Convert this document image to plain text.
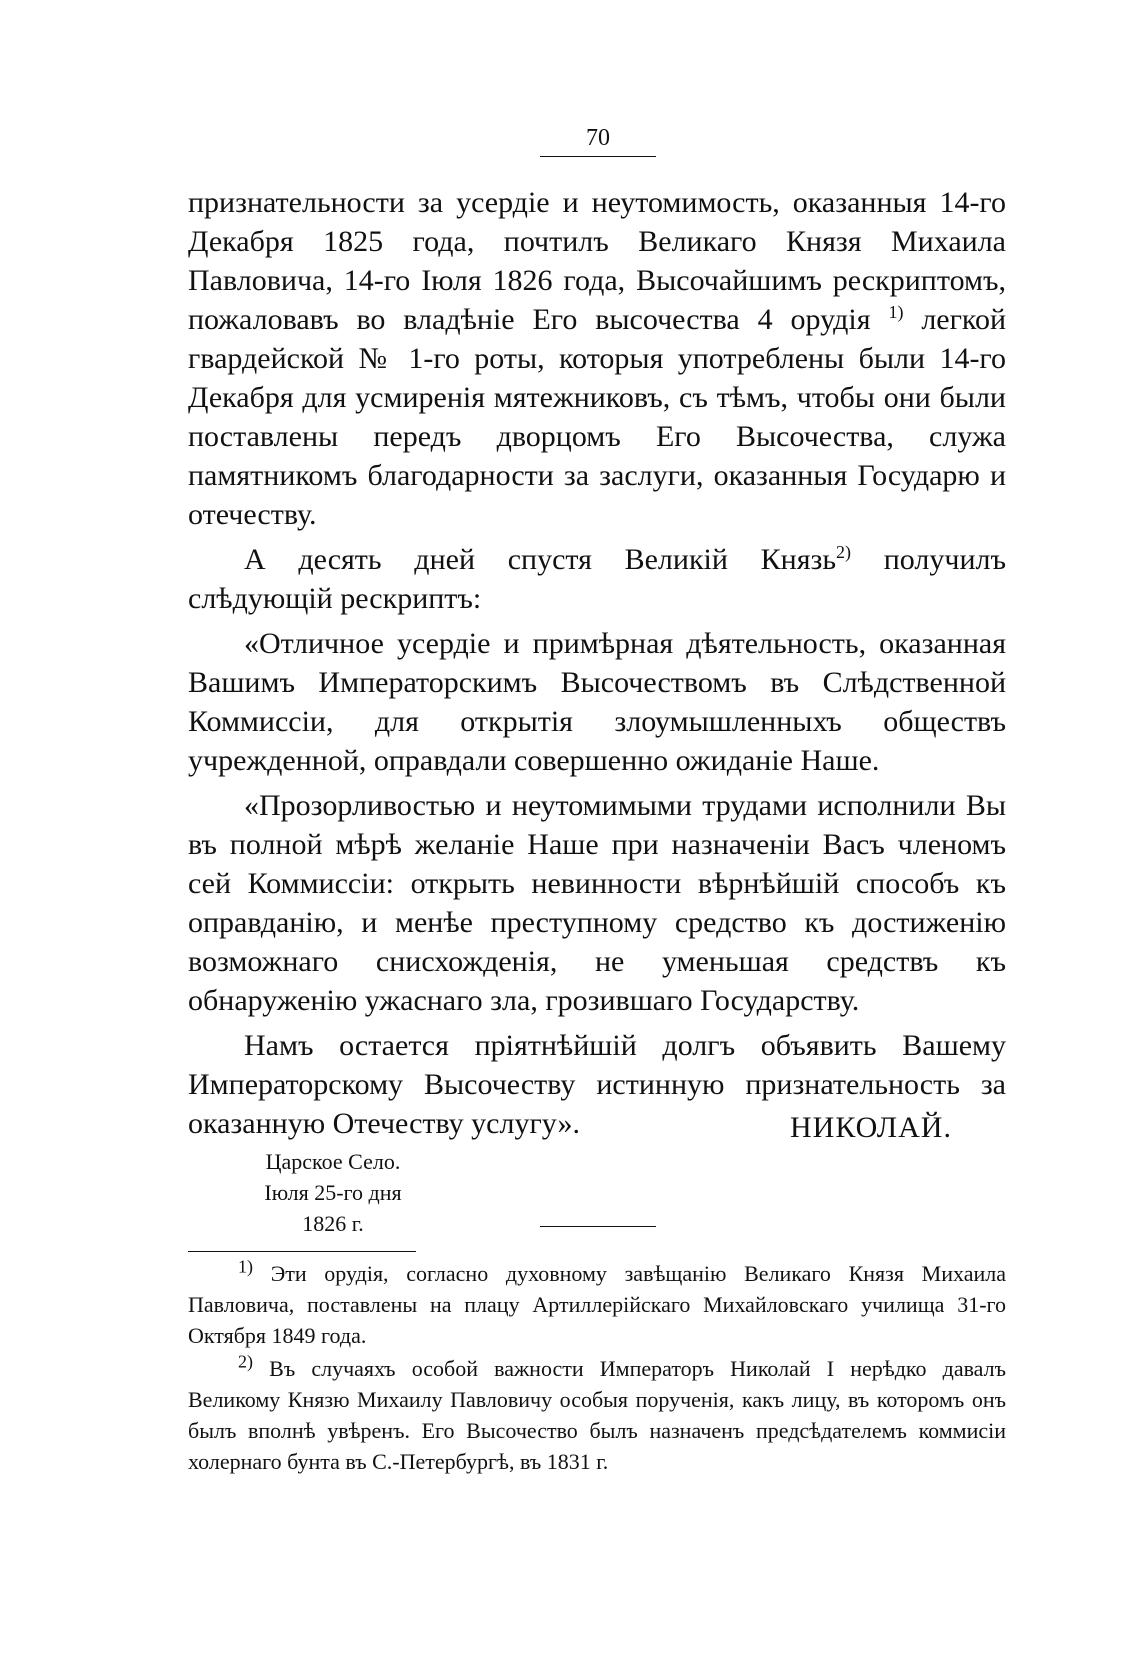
70

признательности за усердіе и неутомимость, оказанныя 14-го Декабря 1825 года, почтилъ Великаго Князя Михаила Павловича, 14-го Іюля 1826 года, Высочайшимъ рескриптомъ, пожаловавъ во владѣніе Его высочества 4 орудія $^{1)}$ легкой гвардейской № 1-го роты, которыя употреблены были 14-го Декабря для усмиренія мятежниковъ, съ тѣмъ, чтобы они были поставлены передъ дворцомъ Его Высочества, служа памятникомъ благодарности за заслуги, оказанныя Государю и отечеству.

А десять дней спустя Великій Князь$^{2)}$ получилъ слѣдующій рескриптъ:

«Отличное усердіе и примѣрная дѣятельность, оказанная Вашимъ Императорскимъ Высочествомъ въ Слѣдственной Коммиссіи, для открытія злоумышленныхъ обществъ учрежденной, оправдали совершенно ожиданіе Наше.

«Прозорливостью и неутомимыми трудами исполнили Вы въ полной мѣрѣ желаніе Наше при назначеніи Васъ членомъ сей Коммиссіи: открыть невинности вѣрнѣйшій способъ къ оправданію, и менѣе преступному средство къ достиженію возможнаго снисхожденія, не уменьшая средствъ къ обнаруженію ужаснаго зла, грозившаго Государству.

Намъ остается пріятнѣйшій долгъ объявить Вашему Императорскому Высочеству истинную признательность за оказанную Отечеству услугу».	НИКОЛАЙ.
Царское Село.
Іюля 25-го дня
1826 г.

$^{1)}$ Эти орудія, согласно духовному завѣщанію Великаго Князя Михаила Павловича, поставлены на плацу Артиллерійскаго Михайловскаго училища 31-го Октября 1849 года.

$^{2)}$ Въ случаяхъ особой важности Императоръ Николай I нерѣдко давалъ Великому Князю Михаилу Павловичу особыя порученія, какъ лицу, въ которомъ онъ былъ вполнѣ увѣренъ. Его Высочество былъ назначенъ предсѣдателемъ коммисіи холернаго бунта въ С.-Петербургѣ, въ 1831 г.
